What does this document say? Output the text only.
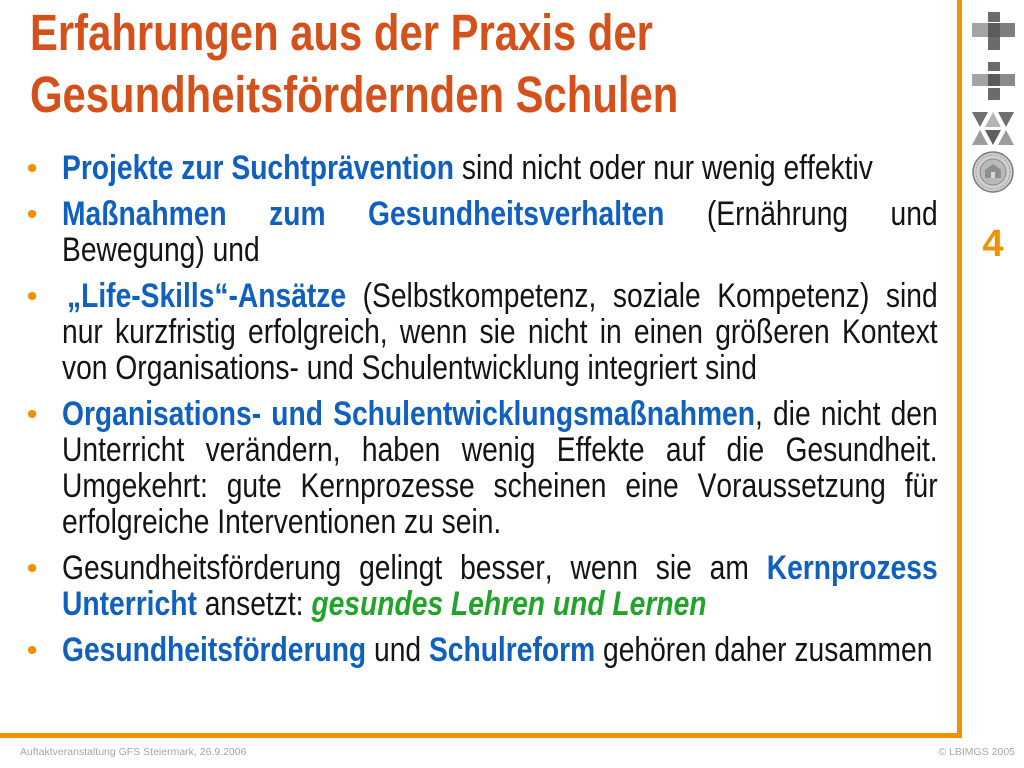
Erfahrungen aus der Praxis der
Gesundheitsfördernden Schulen
4
Projekte zur Suchtprävention sind nicht oder nur wenig effektiv
Maßnahmen zum Gesundheitsverhalten (Ernährung und Bewegung) und
„Life-Skills“-Ansätze (Selbstkompetenz, soziale Kompetenz) sind nur kurzfristig erfolgreich, wenn sie nicht in einen größeren Kontext von Organisations- und Schulentwicklung integriert sind
Organisations- und Schulentwicklungsmaßnahmen, die nicht den Unterricht verändern, haben wenig Effekte auf die Gesundheit. Umgekehrt: gute Kernprozesse scheinen eine Voraussetzung für erfolgreiche Interventionen zu sein.
Gesundheitsförderung gelingt besser, wenn sie am Kernprozess Unterricht ansetzt: gesundes Lehren und Lernen
Gesundheitsförderung und Schulreform gehören daher zusammen
Auftaktveranstaltung GFS Steiermark, 26.9.2006	© LBIMGS 2005
